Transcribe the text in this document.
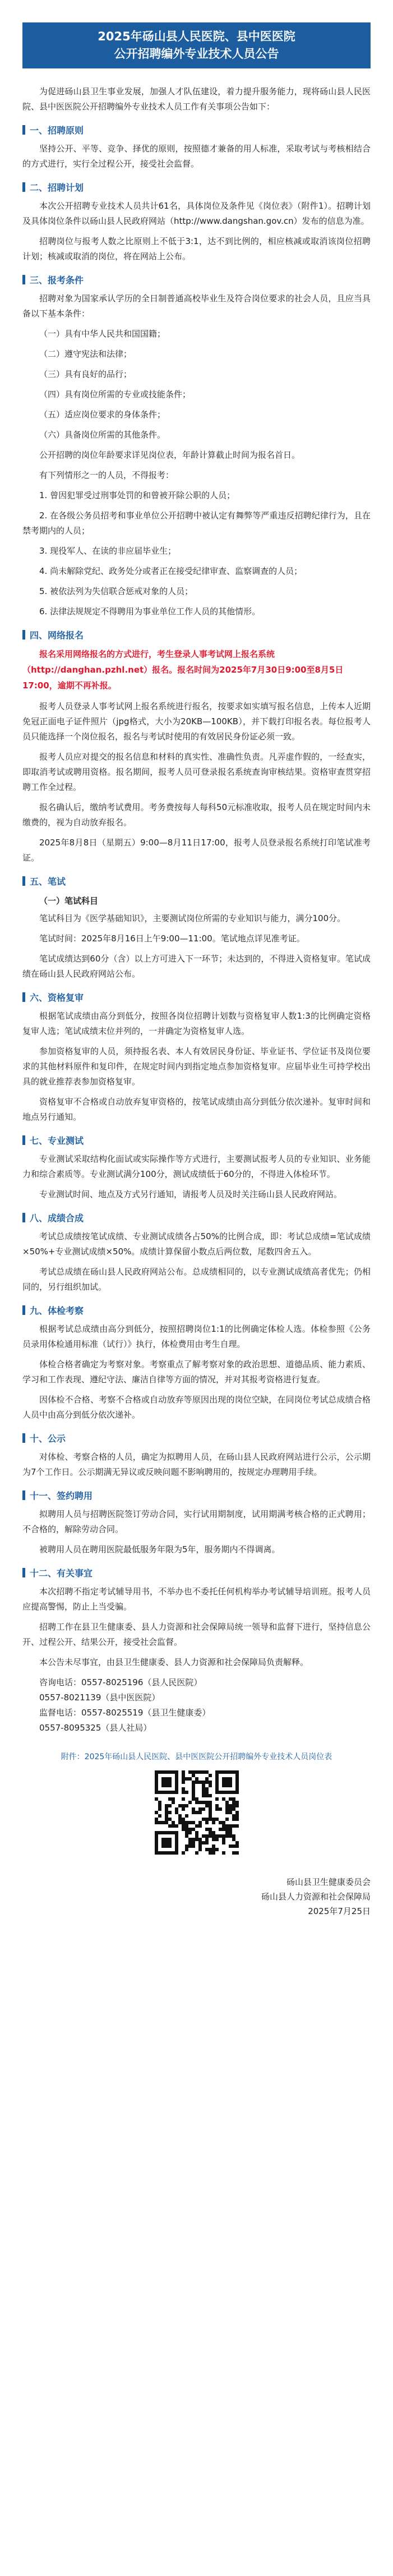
2025年砀山县人民医院、县中医医院
公开招聘编外专业技术人员公告

为促进砀山县卫生事业发展，加强人才队伍建设，着力提升服务能力，现将砀山县人民医院、县中医医院公开招聘编外专业技术人员工作有关事项公告如下：

一、招聘原则

坚持公开、平等、竞争、择优的原则，按照德才兼备的用人标准，采取考试与考核相结合的方式进行，实行全过程公开，接受社会监督。

二、招聘计划

本次公开招聘专业技术人员共计61名，具体岗位及条件见《岗位表》（附件1）。招聘计划及具体岗位条件以砀山县人民政府网站（http://www.dangshan.gov.cn）发布的信息为准。

招聘岗位与报考人数之比原则上不低于3:1，达不到比例的，相应核减或取消该岗位招聘计划；核减或取消的岗位，将在网站上公布。

三、报考条件

招聘对象为国家承认学历的全日制普通高校毕业生及符合岗位要求的社会人员，且应当具备以下基本条件：

（一）具有中华人民共和国国籍；

（二）遵守宪法和法律；

（三）具有良好的品行；

（四）具有岗位所需的专业或技能条件；

（五）适应岗位要求的身体条件；

（六）具备岗位所需的其他条件。

公开招聘的岗位年龄要求详见岗位表，年龄计算截止时间为报名首日。

有下列情形之一的人员，不得报考：

1. 曾因犯罪受过刑事处罚的和曾被开除公职的人员；

2. 在各级公务员招考和事业单位公开招聘中被认定有舞弊等严重违反招聘纪律行为，且在禁考期内的人员；

3. 现役军人、在读的非应届毕业生；

4. 尚未解除党纪、政务处分或者正在接受纪律审查、监察调查的人员；

5. 被依法列为失信联合惩戒对象的人员；

6. 法律法规规定不得聘用为事业单位工作人员的其他情形。

四、网络报名

报名采用网络报名的方式进行，考生登录人事考试网上报名系统（http://danghan.pzhl.net）报名。报名时间为2025年7月30日9:00至8月5日17:00，逾期不再补报。

报考人员登录人事考试网上报名系统进行报名，按要求如实填写报名信息，上传本人近期免冠正面电子证件照片（jpg格式，大小为20KB—100KB），并下载打印报名表。每位报考人员只能选择一个岗位报名，报名与考试时使用的有效居民身份证必须一致。

报考人员应对提交的报名信息和材料的真实性、准确性负责。凡弄虚作假的，一经查实，即取消考试或聘用资格。报名期间，报考人员可登录报名系统查询审核结果。资格审查贯穿招聘工作全过程。

报名确认后，缴纳考试费用。考务费按每人每科50元标准收取，报考人员在规定时间内未缴费的，视为自动放弃报名。

2025年8月8日（星期五）9:00—8月11日17:00，报考人员登录报名系统打印笔试准考证。

五、笔试

（一）笔试科目

笔试科目为《医学基础知识》，主要测试岗位所需的专业知识与能力，满分100分。

笔试时间：2025年8月16日上午9:00—11:00。笔试地点详见准考证。

笔试成绩达到60分（含）以上方可进入下一环节；未达到的，不得进入资格复审。笔试成绩在砀山县人民政府网站公布。

六、资格复审

根据笔试成绩由高分到低分，按照各岗位招聘计划数与资格复审人数1:3的比例确定资格复审人选；笔试成绩末位并列的，一并确定为资格复审人选。

参加资格复审的人员，须持报名表、本人有效居民身份证、毕业证书、学位证书及岗位要求的其他材料原件和复印件，在规定时间内到指定地点参加资格复审。应届毕业生可持学校出具的就业推荐表参加资格复审。

资格复审不合格或自动放弃复审资格的，按笔试成绩由高分到低分依次递补。复审时间和地点另行通知。

七、专业测试

专业测试采取结构化面试或实际操作等方式进行，主要测试报考人员的专业知识、业务能力和综合素质等。专业测试满分100分，测试成绩低于60分的，不得进入体检环节。

专业测试时间、地点及方式另行通知，请报考人员及时关注砀山县人民政府网站。

八、成绩合成

考试总成绩按笔试成绩、专业测试成绩各占50%的比例合成，即：考试总成绩=笔试成绩×50%+专业测试成绩×50%。成绩计算保留小数点后两位数，尾数四舍五入。

考试总成绩在砀山县人民政府网站公布。总成绩相同的，以专业测试成绩高者优先；仍相同的，另行组织加试。

九、体检考察

根据考试总成绩由高分到低分，按照招聘岗位1:1的比例确定体检人选。体检参照《公务员录用体检通用标准（试行）》执行，体检费用由考生自理。

体检合格者确定为考察对象。考察重点了解考察对象的政治思想、道德品质、能力素质、学习和工作表现、遵纪守法、廉洁自律等方面的情况，并对其报考资格进行复查。

因体检不合格、考察不合格或自动放弃等原因出现的岗位空缺，在同岗位考试总成绩合格人员中由高分到低分依次递补。

十、公示

对体检、考察合格的人员，确定为拟聘用人员，在砀山县人民政府网站进行公示，公示期为7个工作日。公示期满无异议或反映问题不影响聘用的，按规定办理聘用手续。

十一、签约聘用

拟聘用人员与招聘医院签订劳动合同，实行试用期制度，试用期满考核合格的正式聘用；不合格的，解除劳动合同。

被聘用人员在聘用医院最低服务年限为5年，服务期内不得调离。

十二、有关事宜

本次招聘不指定考试辅导用书，不举办也不委托任何机构举办考试辅导培训班。报考人员应提高警惕，防止上当受骗。

招聘工作在县卫生健康委、县人力资源和社会保障局统一领导和监督下进行，坚持信息公开、过程公开、结果公开，接受社会监督。

本公告未尽事宜，由县卫生健康委、县人力资源和社会保障局负责解释。

咨询电话：0557-8025196（县人民医院）

0557-8021139（县中医医院）

监督电话：0557-8025519（县卫生健康委）

0557-8095325（县人社局）

附件：2025年砀山县人民医院、县中医医院公开招聘编外专业技术人员岗位表

砀山县卫生健康委员会

砀山县人力资源和社会保障局

2025年7月25日
